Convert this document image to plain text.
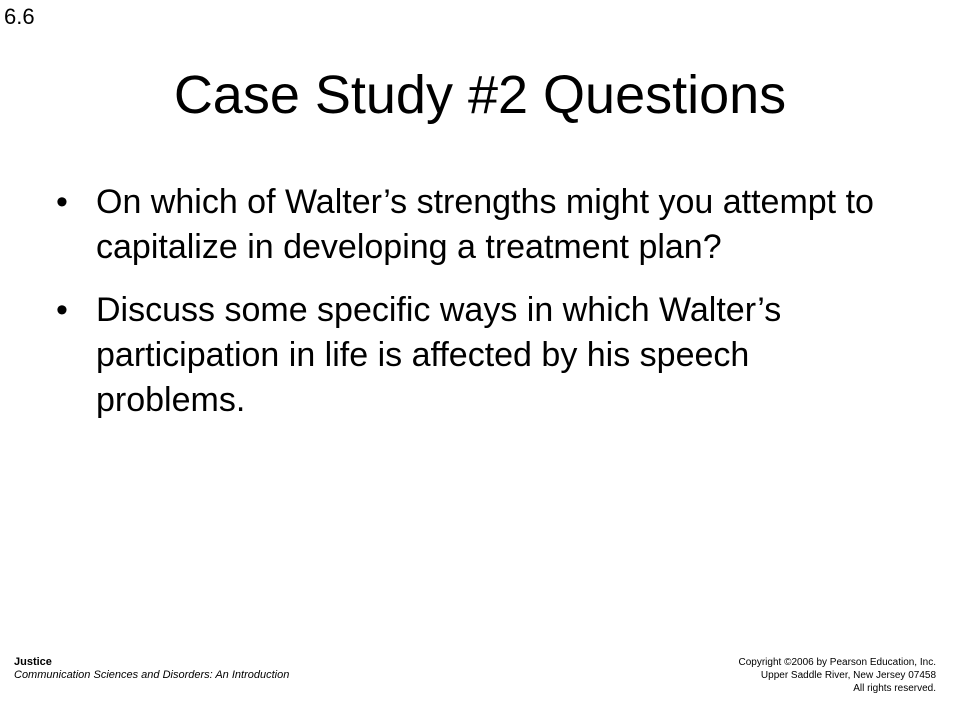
6.6
Case Study #2 Questions
• On which of Walter’s strengths might you attempt to capitalize in developing a treatment plan?
• Discuss some specific ways in which Walter’s participation in life is affected by his speech problems.
Justice
Communication Sciences and Disorders: An Introduction
Copyright ©2006 by Pearson Education, Inc.
Upper Saddle River, New Jersey 07458
All rights reserved.
